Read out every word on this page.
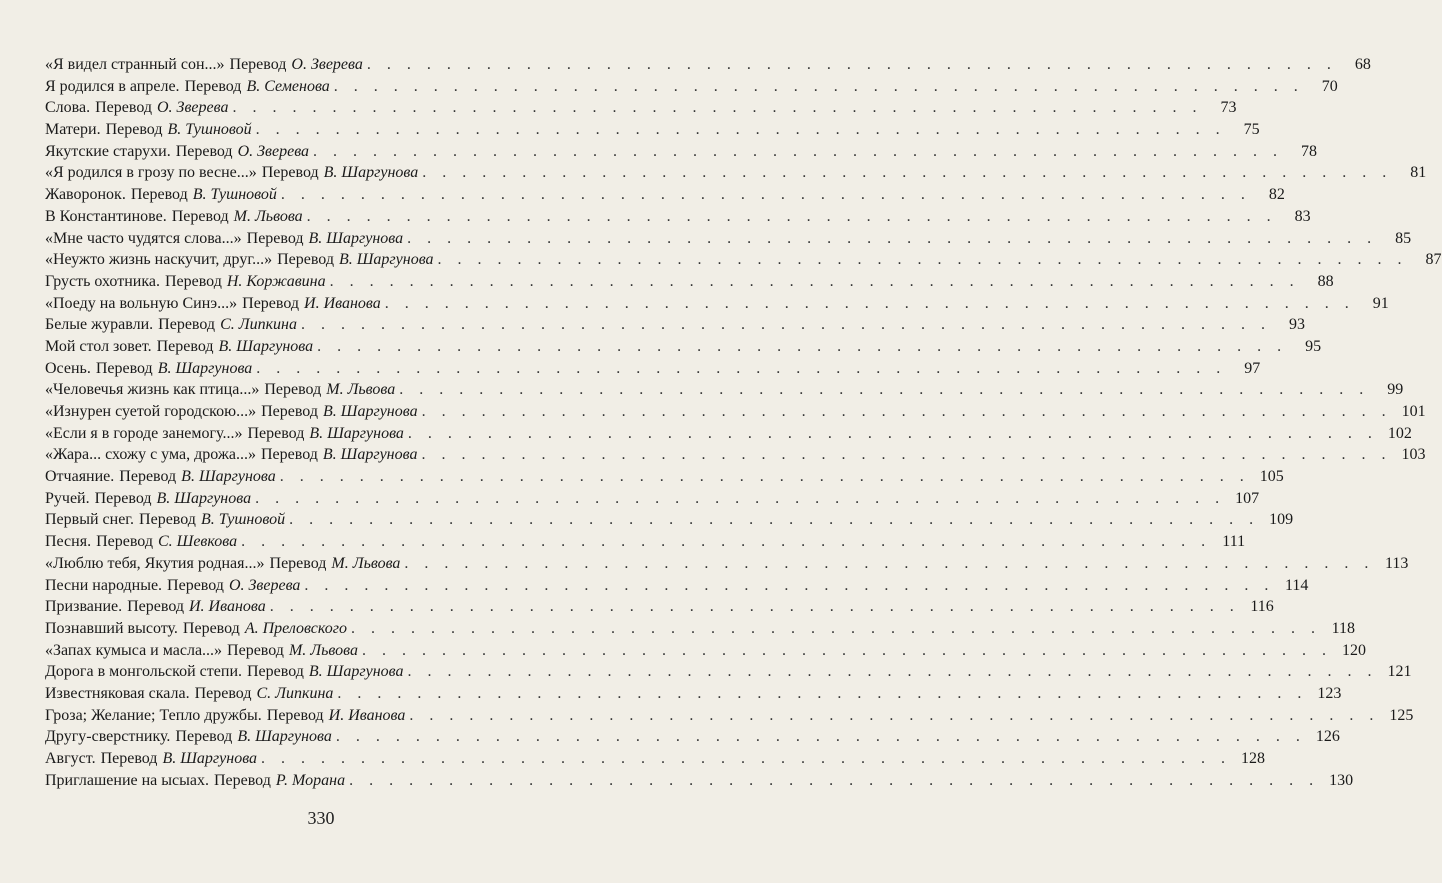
«Я видел странный сон...» Перевод О. Зверева . . .	68
Я родился в апреле. Перевод В. Семенова . . .	70
Слова. Перевод О. Зверева . . .	73
Матери. Перевод В. Тушновой . . .	75
Якутские старухи. Перевод О. Зверева . . .	78
«Я родился в грозу по весне...» Перевод В. Шаргунова . . .	81
Жаворонок. Перевод В. Тушновой . . .	82
В Константинове. Перевод М. Львова . . .	83
«Мне часто чудятся слова...» Перевод В. Шаргунова . . .	85
«Неужто жизнь наскучит, друг...» Перевод В. Шаргунова . . .	87
Грусть охотника. Перевод Н. Коржавина . . .	88
«Поеду на вольную Синэ...» Перевод И. Иванова . . .	91
Белые журавли. Перевод С. Липкина . . .	93
Мой стол зовет. Перевод В. Шаргунова . . .	95
Осень. Перевод В. Шаргунова . . .	97
«Человечья жизнь как птица...» Перевод М. Львова . . .	99
«Изнурен суетой городскою...» Перевод В. Шаргунова . . .	101
«Если я в городе занемогу...» Перевод В. Шаргунова . . .	102
«Жара... схожу с ума, дрожа...» Перевод В. Шаргунова . . .	103
Отчаяние. Перевод В. Шаргунова . . .	105
Ручей. Перевод В. Шаргунова . . .	107
Первый снег. Перевод В. Тушновой . . .	109
Песня. Перевод С. Шевкова . . .	111
«Люблю тебя, Якутия родная...» Перевод М. Львова . . .	113
Песни народные. Перевод О. Зверева . . .	114
Призвание. Перевод И. Иванова . . .	116
Познавший высоту. Перевод А. Преловского . . .	118
«Запах кумыса и масла...» Перевод М. Львова . . .	120
Дорога в монгольской степи. Перевод В. Шаргунова . . .	121
Известняковая скала. Перевод С. Липкина . . .	123
Гроза; Желание; Тепло дружбы. Перевод И. Иванова . . .	125
Другу-сверстнику. Перевод В. Шаргунова . . .	126
Август. Перевод В. Шаргунова . . .	128
Приглашение на ысыах. Перевод Р. Морана . . .	130
330
